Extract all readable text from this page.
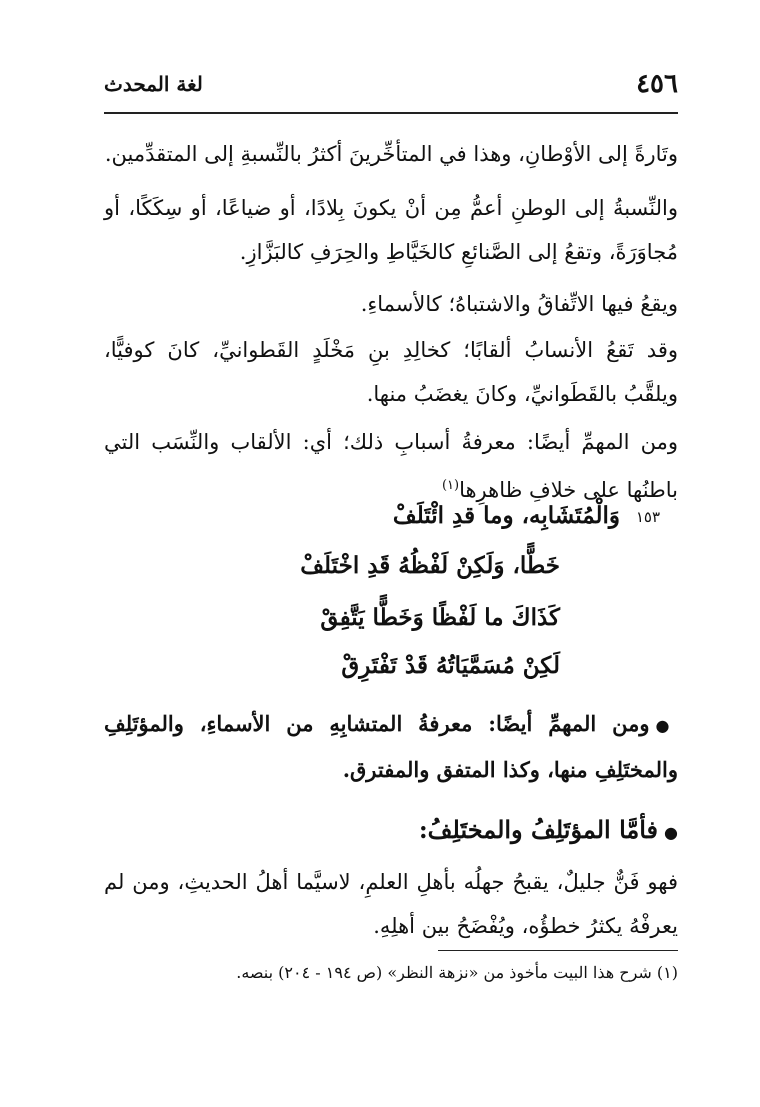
٤٥٦
لغة المحدث

وتَارةً إلى الأوْطانِ، وهذا في المتأخِّرينَ أكثرُ بالنِّسبةِ إلى المتقدِّمين.

والنِّسبةُ إلى الوطنِ أعمُّ مِن أنْ يكونَ بِلادًا، أو ضياعًا، أو سِكَكًا، أو مُجاوَرَةً، وتقعُ إلى الصَّنائعِ كالخَيَّاطِ والحِرَفِ كالبَزَّازِ.

ويقعُ فيها الاتِّفاقُ والاشتباهُ؛ كالأسماءِ.

وقد تَقعُ الأنسابُ ألقابًا؛ كخالِدِ بنِ مَخْلَدٍ القَطوانيِّ، كانَ كوفيًّا، ويلقَّبُ بالقَطَوانيِّ، وكانَ يغضَبُ منها.

ومن المهمِّ أيضًا: معرفةُ أسبابِ ذلك؛ أي: الألقاب والنِّسَب التي باطنُها على خلافِ ظاهرِها$^{(١)}$

١٥٣
وَالْمُتَشَابِه، وما قدِ ائْتَلَفْ
خَطًّا، وَلَكِنْ لَفْظُهُ قَدِ اخْتَلَفْ
كَذَاكَ ما لَفْظًا وَخَطًّا يَتَّفِقْ
لَكِنْ مُسَمَّيَاتُهُ قَدْ تَفْتَرِقْ

●ومن المهمِّ أيضًا: معرفةُ المتشابِهِ من الأسماءِ، والمؤتَلِفِ والمختَلِفِ منها، وكذا المتفق والمفترق.

●فأمَّا المؤتَلِفُ والمختَلِفُ:

فهو فَنٌّ جليلٌ، يقبحُ جهلُه بأهلِ العلمِ، لاسيَّما أهلُ الحديثِ، ومن لم يعرفْهُ يكثرُ خطؤُه، ويُفْضَحُ بين أهلِهِ.

(١) شرح هذا البيت مأخوذ من «نزهة النظر» (ص ١٩٤ - ٢٠٤) بنصه.
